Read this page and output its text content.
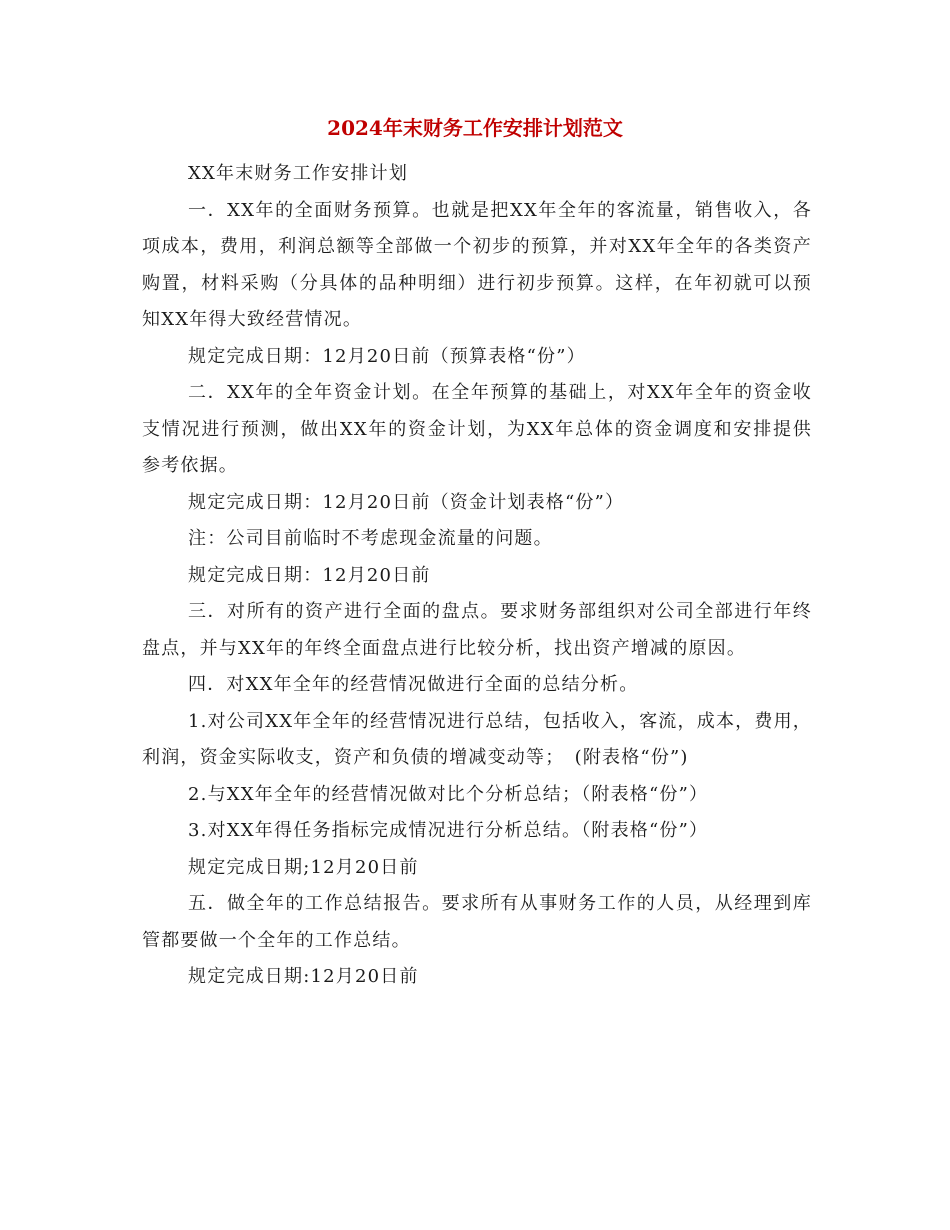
2024年末财务工作安排计划范文

XX年末财务工作安排计划

一．XX年的全面财务预算。也就是把XX年全年的客流量，销售收入，各项成本，费用，利润总额等全部做一个初步的预算，并对XX年全年的各类资产购置，材料采购（分具体的品种明细）进行初步预算。这样，在年初就可以预知XX年得大致经营情况。

规定完成日期：12月20日前（预算表格“份”）

二．XX年的全年资金计划。在全年预算的基础上，对XX年全年的资金收支情况进行预测，做出XX年的资金计划，为XX年总体的资金调度和安排提供参考依据。

规定完成日期：12月20日前（资金计划表格“份”）

注：公司目前临时不考虑现金流量的问题。

规定完成日期：12月20日前

三．对所有的资产进行全面的盘点。要求财务部组织对公司全部进行年终盘点，并与XX年的年终全面盘点进行比较分析，找出资产增减的原因。

四．对XX年全年的经营情况做进行全面的总结分析。

1.对公司XX年全年的经营情况进行总结，包括收入，客流，成本，费用，利润，资金实际收支，资产和负债的增减变动等；　(附表格“份”)

2.与XX年全年的经营情况做对比个分析总结；（附表格“份”）

3.对XX年得任务指标完成情况进行分析总结。（附表格“份”）

规定完成日期;12月20日前

五．做全年的工作总结报告。要求所有从事财务工作的人员，从经理到库管都要做一个全年的工作总结。

规定完成日期:12月20日前
